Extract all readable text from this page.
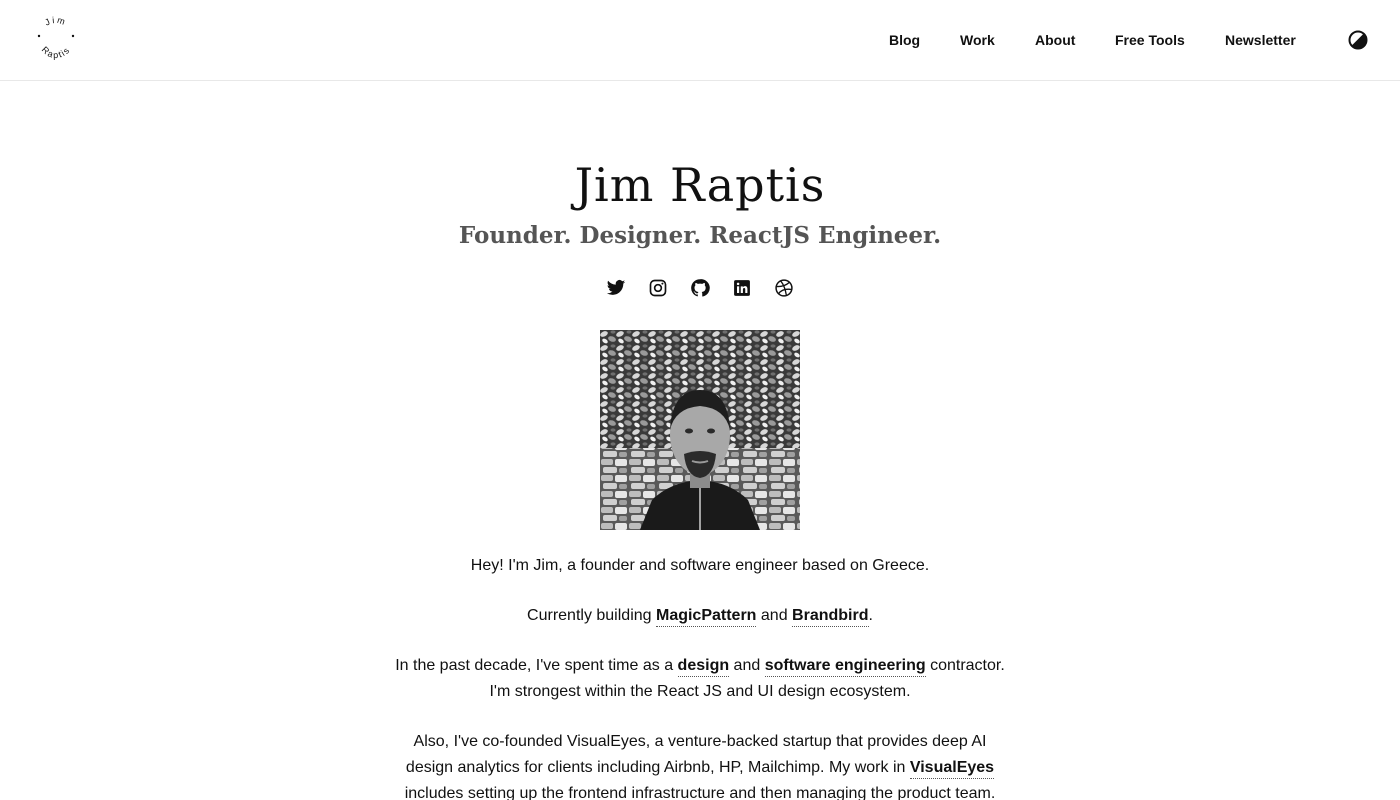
Jim
Raptis
Blog	Work	About	Free Tools	Newsletter
Jim Raptis
Founder. Designer. ReactJS Engineer.

Hey! I'm Jim, a founder and software engineer based on Greece.

Currently building MagicPattern and Brandbird.

In the past decade, I've spent time as a design and software engineering contractor. I'm strongest within the React JS and UI design ecosystem.

Also, I've co-founded VisualEyes, a venture-backed startup that provides deep AI design analytics for clients including Airbnb, HP, Mailchimp. My work in VisualEyes includes setting up the frontend infrastructure and then managing the product team.
